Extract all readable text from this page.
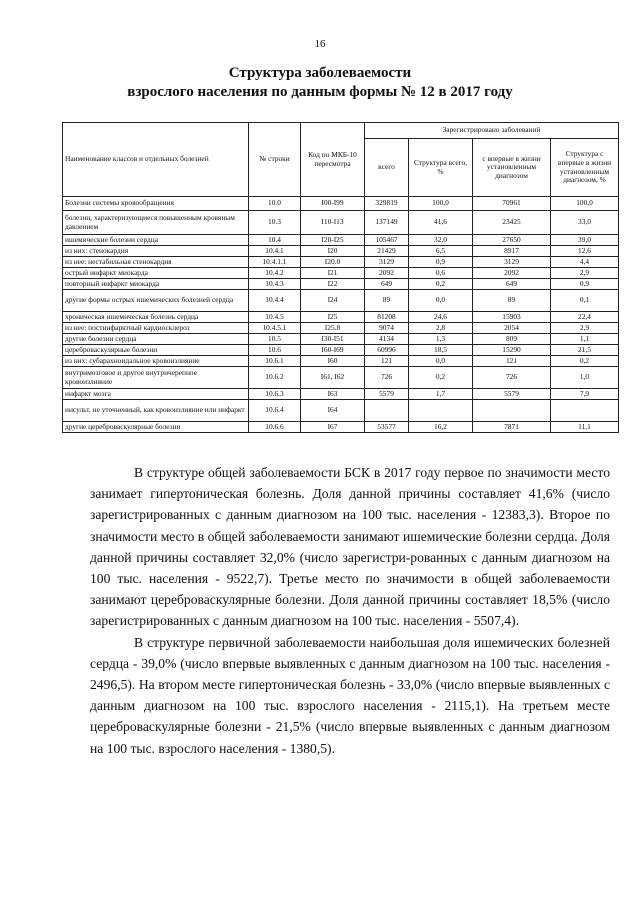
16
Структура заболеваемости
взрослого населения по данным формы № 12 в 2017 году
Наименование классов и отдельных болезней	№ строки	Код по МКБ-10 пересмотра	Зарегистрировано заболеваний			
			всего	Структура всего, %	с впервые в жизни установленным диагнозом	Структура с впервые в жизни установленным диагнозом, %
Болезни системы кровообращения	10.0	I00-I99	329819	100,0	70961	100,0
болезни, характеризующиеся повышенным кровяным давлением	10.3	I10-I13	137149	41,6	23425	33,0
ишемические болезни сердца	10.4	I20-I25	105467	32,0	27650	39,0
из них: стенокардия	10.4.1	I20	21429	6,5	8917	12,6
из нее: нестабильная стенокардия	10.4.1.1	I20.0	3129	0,9	3129	4,4
острый инфаркт миокарда	10.4.2	I21	2092	0,6	2092	2,9
повторный инфаркт миокарда	10.4.3	I22	649	0,2	649	0,9
другие формы острых ишемических болезней сердца	10.4.4	I24	89	0,0	89	0,1
хроническая ишемическая болезнь сердца	10.4.5	I25	81208	24,6	15903	22,4
из нее: постинфарктный кардиосклероз	10.4.5.1	I25.8	9074	2,8	2054	2,9
другие болезни сердца	10.5	I30-I51	4134	1,3	809	1,1
цереброваскулярные болезни	10.6	I60-I69	60996	18,5	15290	21,5
из них: субарахноидальное кровоизлияние	10.6.1	I60	121	0,0	121	0,2
внутримозговое и другое внутричерепное кровоизлияние	10.6.2	I61, I62	726	0,2	726	1,0
инфаркт мозга	10.6.3	I63	5579	1,7	5579	7,9
инсульт, не уточненный, как кровоизлияние или инфаркт	10.6.4	I64				
другие цереброваскулярные болезни	10.6.6	I67	53577	16,2	7871	11,1

В структуре общей заболеваемости БСК в 2017 году первое по значимости место занимает гипертоническая болезнь. Доля данной причины составляет 41,6% (число зарегистрированных с данным диагнозом на 100 тыс. населения - 12383,3). Второе по значимости место в общей заболеваемости занимают ишемические болезни сердца. Доля данной причины составляет 32,0% (число зарегистри-рованных с данным диагнозом на 100 тыс. населения - 9522,7). Третье место по значимости в общей заболеваемости занимают цереброваскулярные болезни. Доля данной причины составляет 18,5% (число зарегистрированных с данным диагнозом на 100 тыс. населения - 5507,4).

В структуре первичной заболеваемости наибольшая доля ишемических болезней сердца - 39,0% (число впервые выявленных с данным диагнозом на 100 тыс. населения - 2496,5). На втором месте гипертоническая болезнь - 33,0% (число впервые выявленных с данным диагнозом на 100 тыс. взрослого населения - 2115,1). На третьем месте цереброваскулярные болезни - 21,5% (число впервые выявленных с данным диагнозом на 100 тыс. взрослого населения - 1380,5).
